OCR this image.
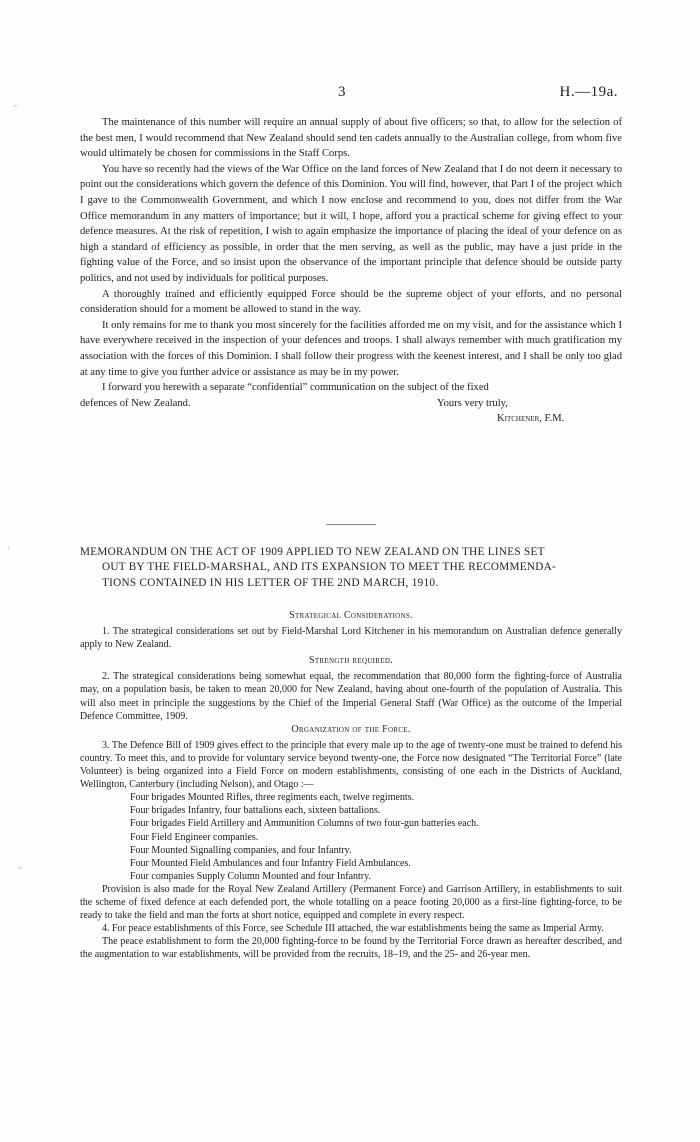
3	H.—19a.
-
'
-

The maintenance of this number will require an annual supply of about five officers; so that, to allow for the selection of the best men, I would recommend that New Zealand should send ten cadets annually to the Australian college, from whom five would ultimately be chosen for commissions in the Staff Corps.

You have so recently had the views of the War Office on the land forces of New Zealand that I do not deem it necessary to point out the considerations which govern the defence of this Dominion. You will find, however, that Part I of the project which I gave to the Commonwealth Government, and which I now enclose and recommend to you, does not differ from the War Office memorandum in any matters of importance; but it will, I hope, afford you a practical scheme for giving effect to your defence measures. At the risk of repetition, I wish to again emphasize the importance of placing the ideal of your defence on as high a standard of efficiency as possible, in order that the men serving, as well as the public, may have a just pride in the fighting value of the Force, and so insist upon the observance of the important principle that defence should be outside party politics, and not used by individuals for political purposes.

A thoroughly trained and efficiently equipped Force should be the supreme object of your efforts, and no personal consideration should for a moment be allowed to stand in the way.

It only remains for me to thank you most sincerely for the facilities afforded me on my visit, and for the assistance which I have everywhere received in the inspection of your defences and troops. I shall always remember with much gratification my association with the forces of this Dominion. I shall follow their progress with the keenest interest, and I shall be only too glad at any time to give you further advice or assistance as may be in my power.

I forward you herewith a separate “confidential” communication on the subject of the fixed

defences of New Zealand.	Yours very truly,
Kitchener, F.M.
MEMORANDUM ON THE ACT OF 1909 APPLIED TO NEW ZEALAND ON THE LINES SET
OUT BY THE FIELD-MARSHAL, AND ITS EXPANSION TO MEET THE RECOMMENDA-
TIONS CONTAINED IN HIS LETTER OF THE 2ND MARCH, 1910.
Strategical Considerations.

1. The strategical considerations set out by Field-Marshal Lord Kitchener in his memorandum on Australian defence generally apply to New Zealand.

Strength required.

2. The strategical considerations being somewhat equal, the recommendation that 80,000 form the fighting-force of Australia may, on a population basis, be taken to mean 20,000 for New Zealand, having about one-fourth of the population of Australia. This will also meet in principle the suggestions by the Chief of the Imperial General Staff (War Office) as the outcome of the Imperial Defence Committee, 1909.

Organization of the Force.

3. The Defence Bill of 1909 gives effect to the principle that every male up to the age of twenty-one must be trained to defend his country. To meet this, and to provide for voluntary service beyond twenty-one, the Force now designated “The Territorial Force” (late Volunteer) is being organized into a Field Force on modern establishments, consisting of one each in the Districts of Auckland, Wellington, Canterbury (including Nelson), and Otago :—

Four brigades Mounted Rifles, three regiments each, twelve regiments.
Four brigades Infantry, four battalions each, sixteen battalions.
Four brigades Field Artillery and Ammunition Columns of two four-gun batteries each.
Four Field Engineer companies.
Four Mounted Signalling companies, and four Infantry.
Four Mounted Field Ambulances and four Infantry Field Ambulances.
Four companies Supply Column Mounted and four Infantry.

Provision is also made for the Royal New Zealand Artillery (Permanent Force) and Garrison Artillery, in establishments to suit the scheme of fixed defence at each defended port, the whole totalling on a peace footing 20,000 as a first-line fighting-force, to be ready to take the field and man the forts at short notice, equipped and complete in every respect.

4. For peace establishments of this Force, see Schedule III attached, the war establishments being the same as Imperial Army.

The peace establishment to form the 20,000 fighting-force to be found by the Territorial Force drawn as hereafter described, and the augmentation to war establishments, will be provided from the recruits, 18–19, and the 25- and 26-year men.
